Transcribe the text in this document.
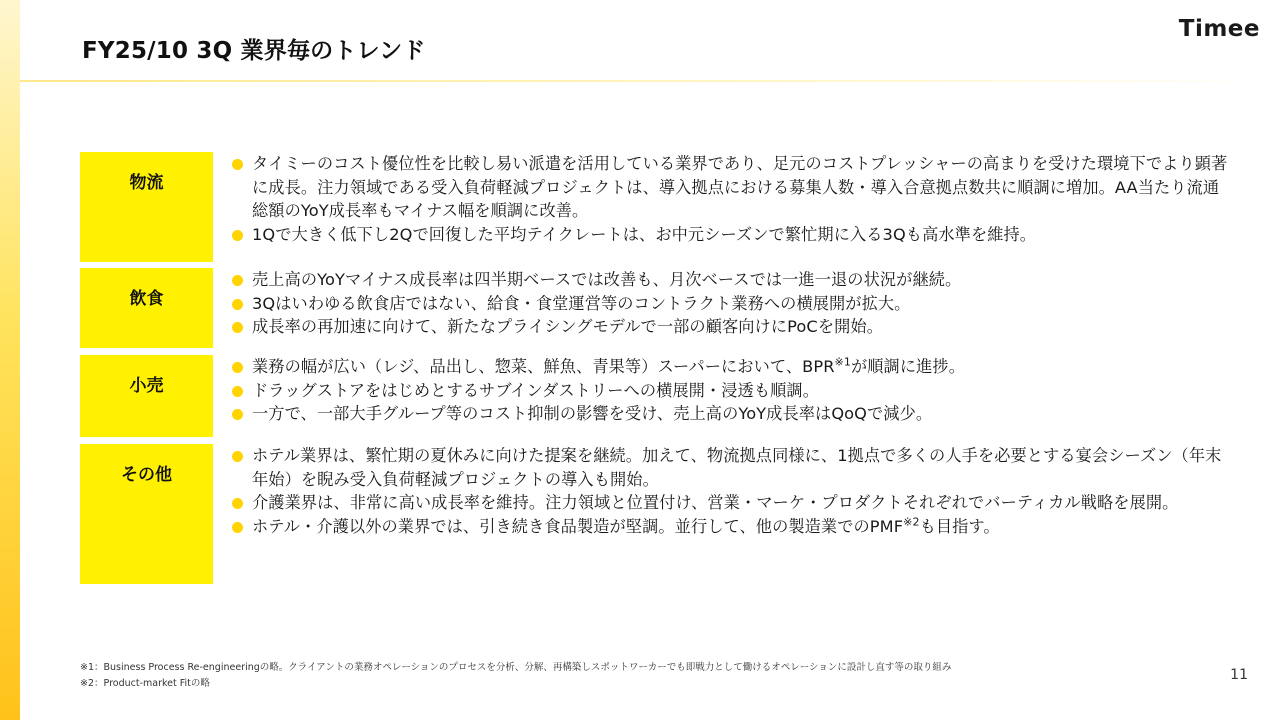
FY25/10 3Q 業界毎のトレンド
Timee
物流
タイミーのコスト優位性を比較し易い派遣を活用している業界であり、足元のコストプレッシャーの高まりを受けた環境下でより顕著に成長。注力領域である受入負荷軽減プロジェクトは、導入拠点における募集人数・導入合意拠点数共に順調に増加。AA当たり流通総額のYoY成長率もマイナス幅を順調に改善。
1Qで大きく低下し2Qで回復した平均テイクレートは、お中元シーズンで繁忙期に入る3Qも高水準を維持。
飲食
売上高のYoYマイナス成長率は四半期ベースでは改善も、月次ベースでは一進一退の状況が継続。
3Qはいわゆる飲食店ではない、給食・食堂運営等のコントラクト業務への横展開が拡大。
成長率の再加速に向けて、新たなプライシングモデルで一部の顧客向けにPoCを開始。
小売
業務の幅が広い（レジ、品出し、惣菜、鮮魚、青果等）スーパーにおいて、BPR$^{※1}$が順調に進捗。
ドラッグストアをはじめとするサブインダストリーへの横展開・浸透も順調。
一方で、一部大手グループ等のコスト抑制の影響を受け、売上高のYoY成長率はQoQで減少。
その他
ホテル業界は、繁忙期の夏休みに向けた提案を継続。加えて、物流拠点同様に、1拠点で多くの人手を必要とする宴会シーズン（年末年始）を睨み受入負荷軽減プロジェクトの導入も開始。
介護業界は、非常に高い成長率を維持。注力領域と位置付け、営業・マーケ・プロダクトそれぞれでバーティカル戦略を展開。
ホテル・介護以外の業界では、引き続き食品製造が堅調。並行して、他の製造業でのPMF$^{※2}$も目指す。
※1：Business Process Re-engineeringの略。クライアントの業務オペレーションのプロセスを分析、分解、再構築しスポットワーカーでも即戦力として働けるオペレーションに設計し直す等の取り組み
※2：Product-market Fitの略
11
